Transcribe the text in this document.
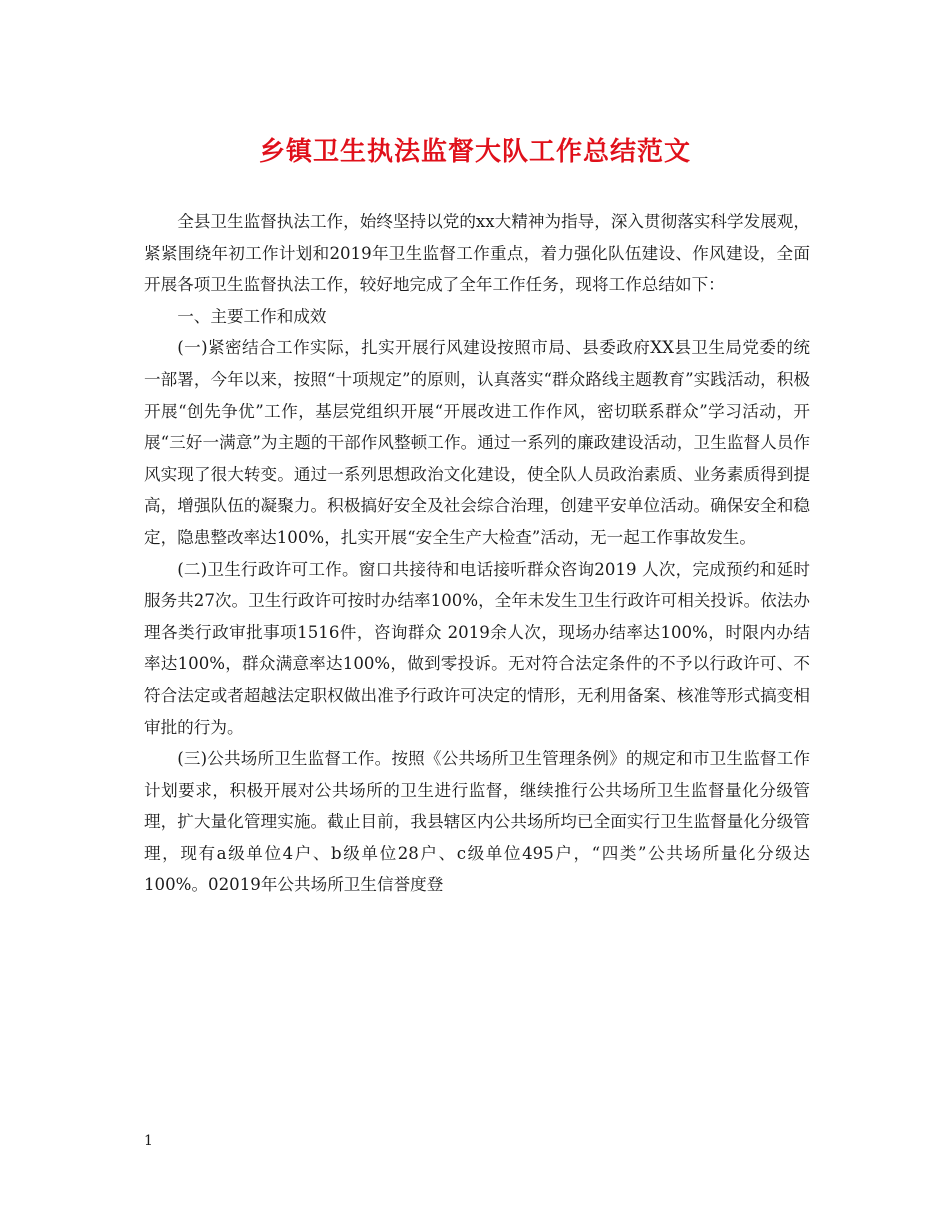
乡镇卫生执法监督大队工作总结范文

全县卫生监督执法工作，始终坚持以党的xx大精神为指导，深入贯彻落实科学发展观，紧紧围绕年初工作计划和2019年卫生监督工作重点，着力强化队伍建设、作风建设，全面开展各项卫生监督执法工作，较好地完成了全年工作任务，现将工作总结如下：

一、主要工作和成效

(一)紧密结合工作实际，扎实开展行风建设按照市局、县委政府XX县卫生局党委的统一部署，今年以来，按照“十项规定”的原则，认真落实“群众路线主题教育”实践活动，积极开展“创先争优”工作，基层党组织开展“开展改进工作作风，密切联系群众”学习活动，开展“三好一满意”为主题的干部作风整顿工作。通过一系列的廉政建设活动，卫生监督人员作风实现了很大转变。通过一系列思想政治文化建设，使全队人员政治素质、业务素质得到提高，增强队伍的凝聚力。积极搞好安全及社会综合治理，创建平安单位活动。确保安全和稳定，隐患整改率达100%，扎实开展“安全生产大检查”活动，无一起工作事故发生。

(二)卫生行政许可工作。窗口共接待和电话接听群众咨询2019 人次，完成预约和延时服务共27次。卫生行政许可按时办结率100%，全年未发生卫生行政许可相关投诉。依法办理各类行政审批事项1516件，咨询群众 2019余人次，现场办结率达100%，时限内办结率达100%，群众满意率达100%，做到零投诉。无对符合法定条件的不予以行政许可、不符合法定或者超越法定职权做出准予行政许可决定的情形，无利用备案、核准等形式搞变相审批的行为。

(三)公共场所卫生监督工作。按照《公共场所卫生管理条例》的规定和市卫生监督工作计划要求，积极开展对公共场所的卫生进行监督，继续推行公共场所卫生监督量化分级管理，扩大量化管理实施。截止目前，我县辖区内公共场所均已全面实行卫生监督量化分级管理，现有a级单位4户、b级单位28户、c级单位495户，“四类”公共场所量化分级达100%。02019年公共场所卫生信誉度登

1
